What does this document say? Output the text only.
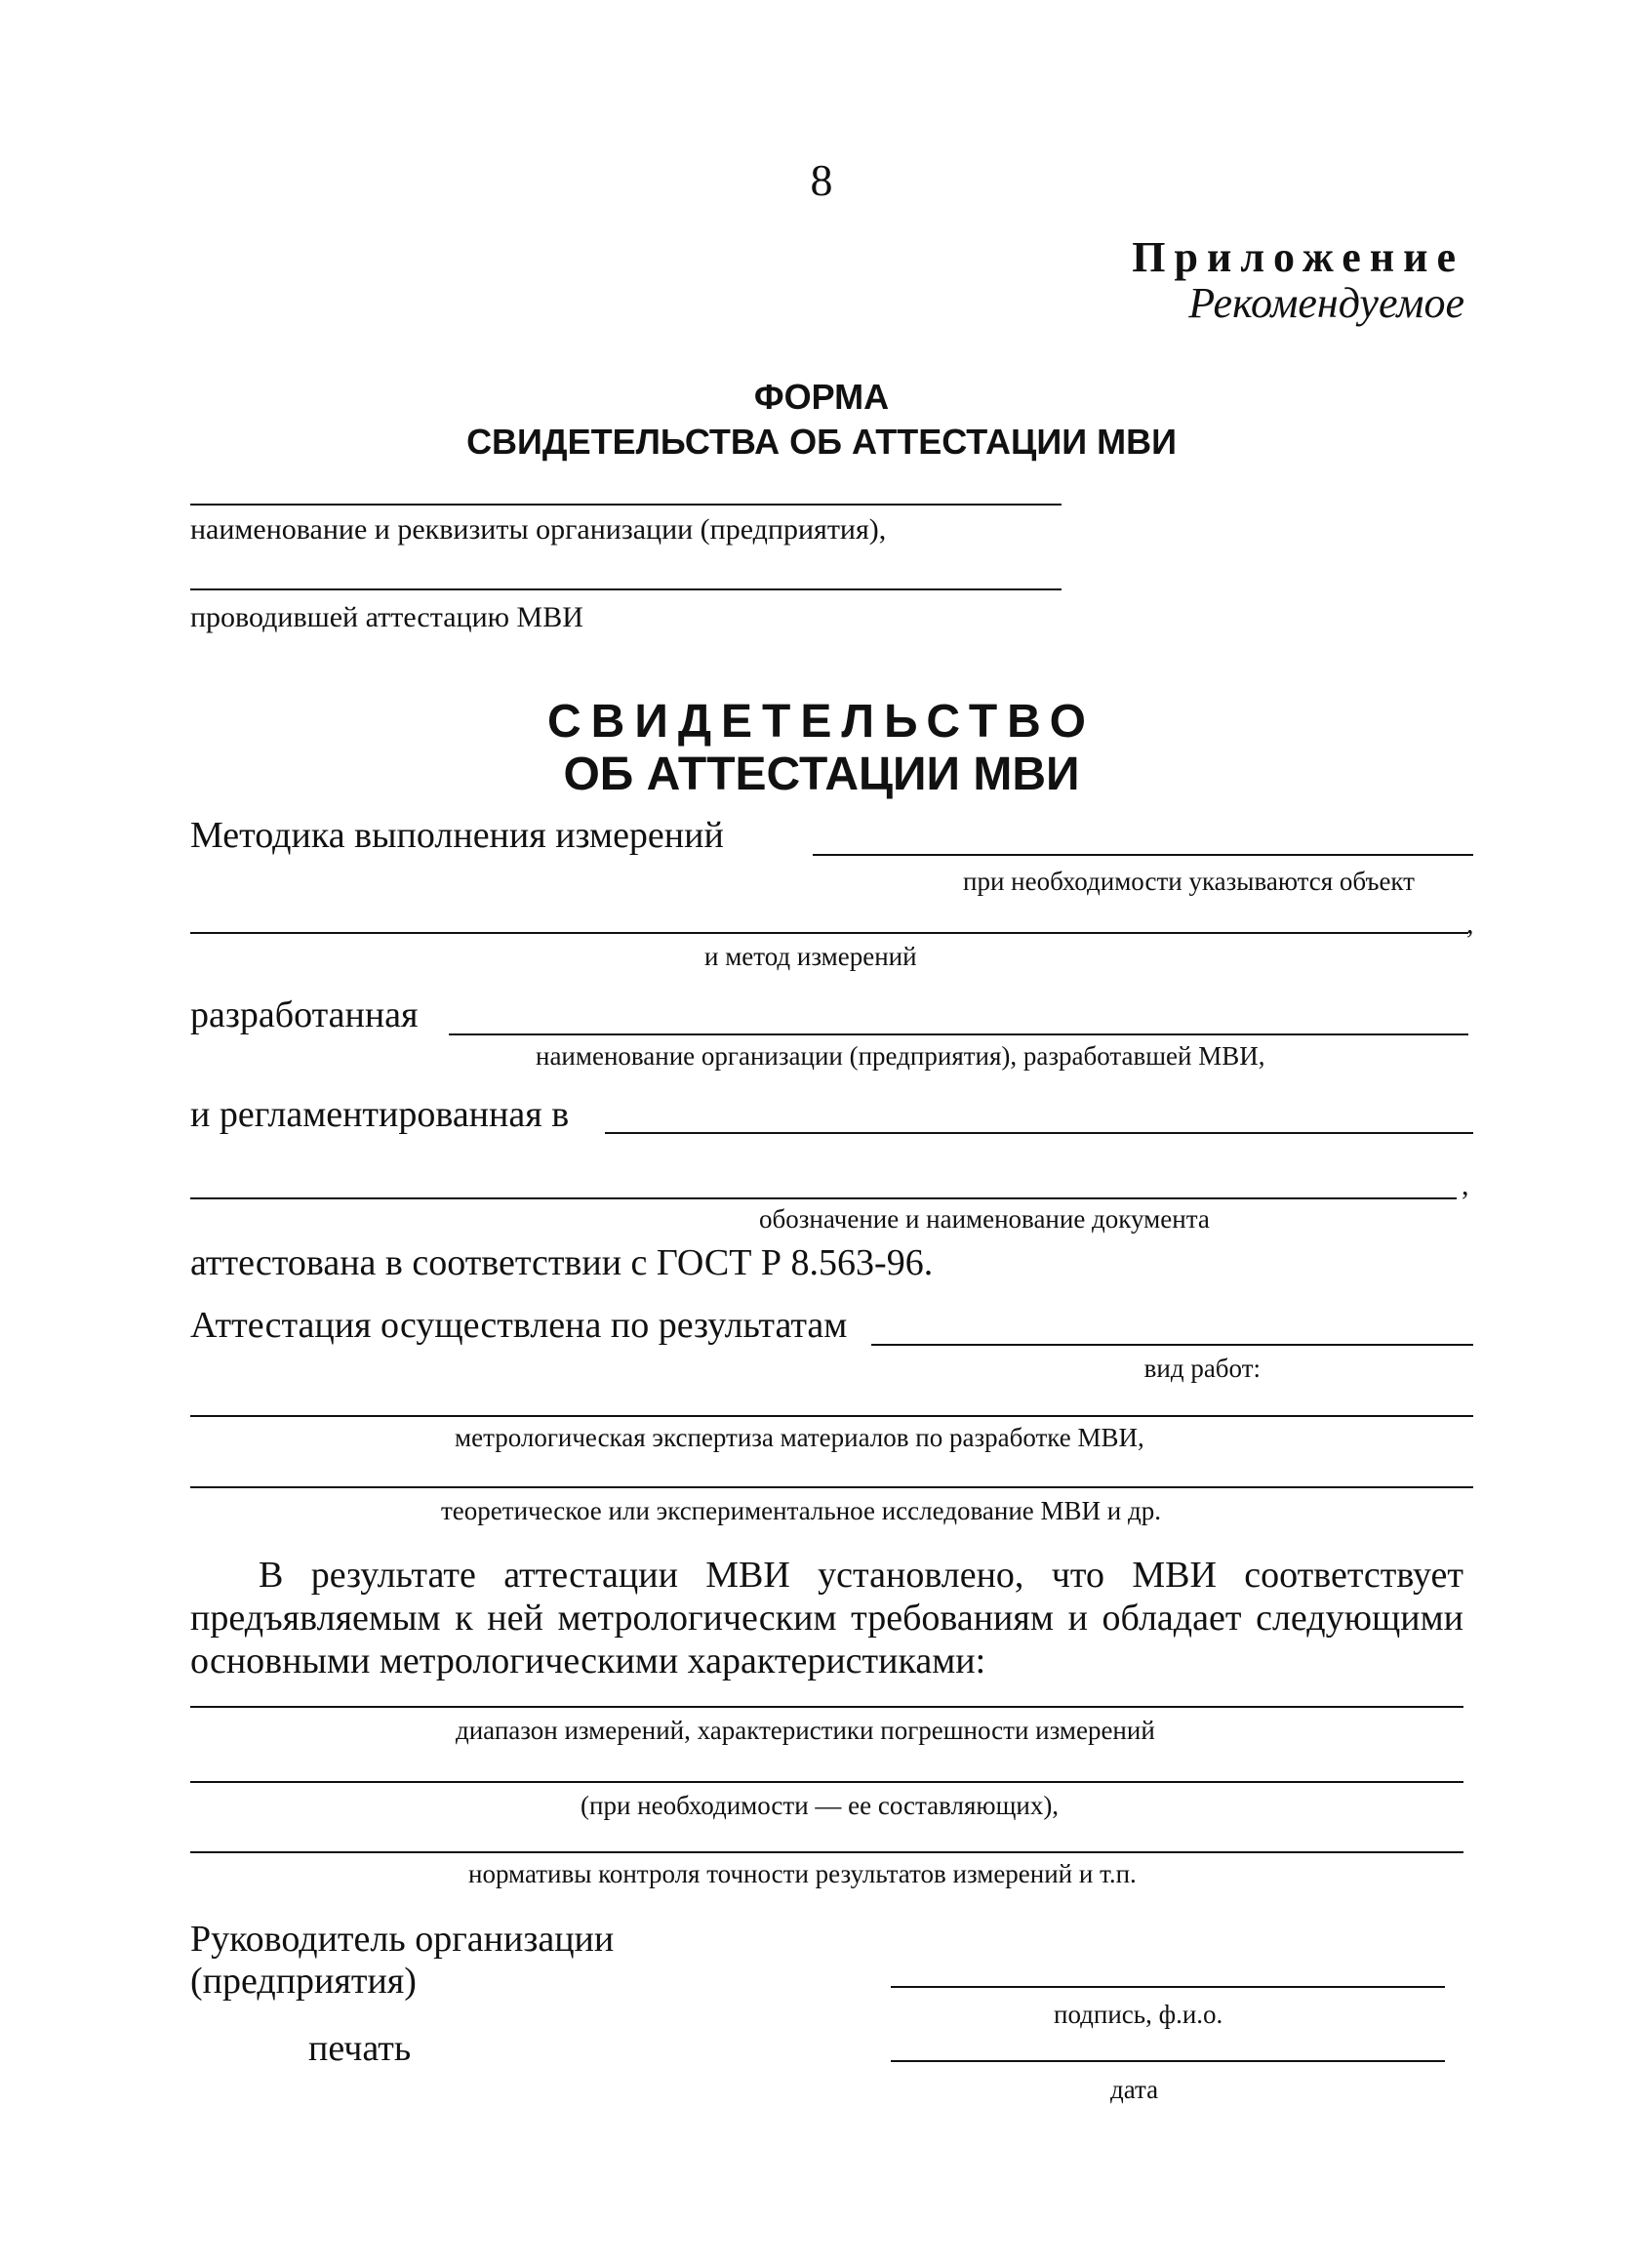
8
Приложение
Рекомендуемое
ФОРМА
СВИДЕТЕЛЬСТВА ОБ АТТЕСТАЦИИ МВИ
наименование и реквизиты организации (предприятия),
проводившей аттестацию МВИ
СВИДЕТЕЛЬСТВО
ОБ АТТЕСТАЦИИ МВИ
Методика выполнения измерений
при необходимости указываются объект
,
и метод измерений
разработанная
наименование организации (предприятия), разработавшей МВИ,
и регламентированная в
,
обозначение и наименование документа
аттестована в соответствии с ГОСТ Р 8.563-96.
Аттестация осуществлена по результатам
вид работ:
метрологическая экспертиза материалов по разработке МВИ,
теоретическое или экспериментальное исследование МВИ и др.
В результате аттестации МВИ установлено, что МВИ соответствует предъявляемым к ней метрологическим требованиям и обладает следующими основными метрологическими характеристиками:
диапазон измерений, характеристики погрешности измерений
(при необходимости — ее составляющих),
нормативы контроля точности результатов измерений и т.п.
Руководитель организации
(предприятия)
подпись, ф.и.о.
печать
дата
